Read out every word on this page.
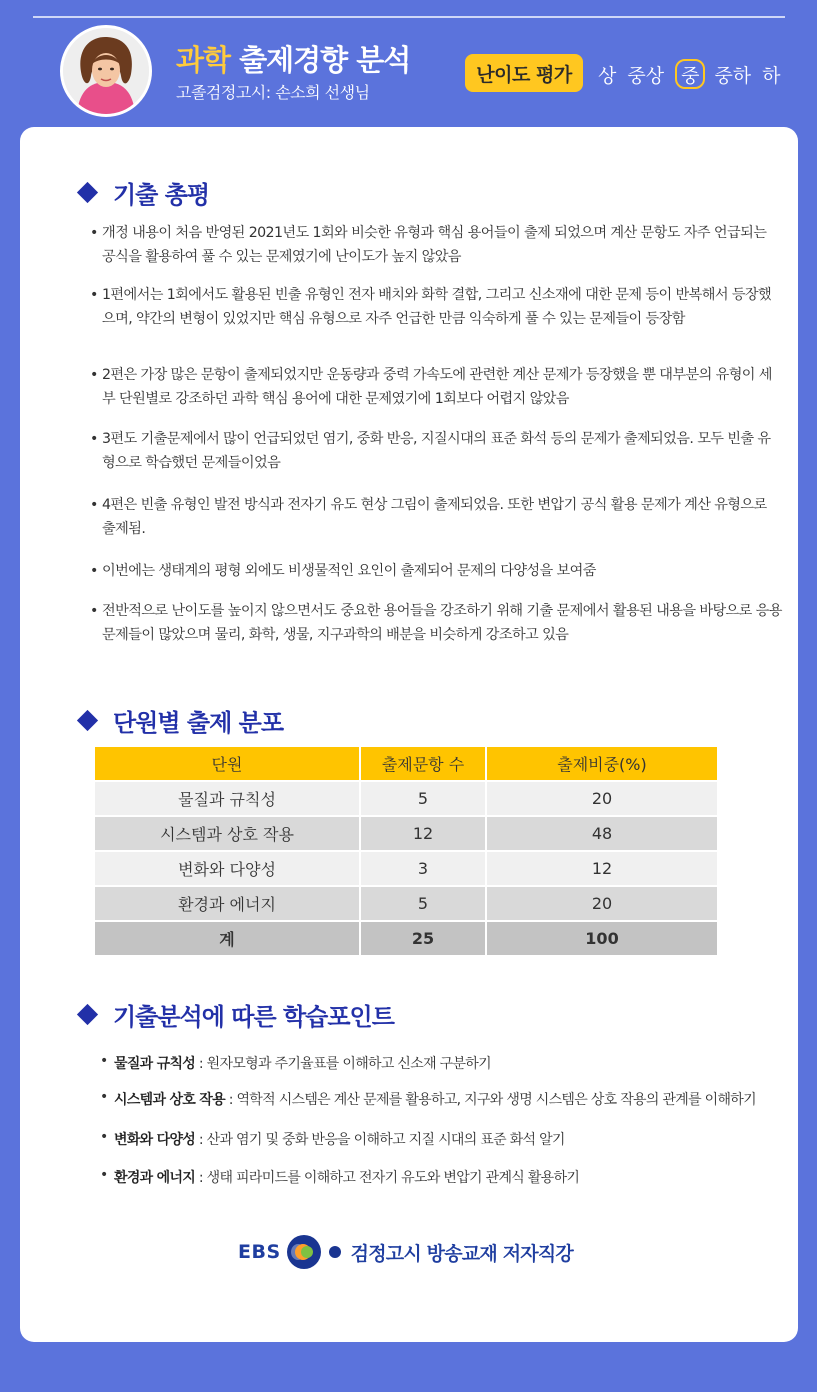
과학 출제경향 분석
고졸검정고시: 손소희 선생님
난이도 평가	상 중상 중 중하 하
기출 총평
• 개정 내용이 처음 반영된 2021년도 1회와 비슷한 유형과 핵심 용어들이 출제 되었으며 계산 문항도 자주 언급되는 공식을 활용하여 풀 수 있는 문제였기에 난이도가 높지 않았음
• 1편에서는 1회에서도 활용된 빈출 유형인 전자 배치와 화학 결합, 그리고 신소재에 대한 문제 등이 반복해서 등장했으며, 약간의 변형이 있었지만 핵심 유형으로 자주 언급한 만큼 익숙하게 풀 수 있는 문제들이 등장함
• 2편은 가장 많은 문항이 출제되었지만 운동량과 중력 가속도에 관련한 계산 문제가 등장했을 뿐 대부분의 유형이 세부 단원별로 강조하던 과학 핵심 용어에 대한 문제였기에 1회보다 어렵지 않았음
• 3편도 기출문제에서 많이 언급되었던 염기, 중화 반응, 지질시대의 표준 화석 등의 문제가 출제되었음. 모두 빈출 유형으로 학습했던 문제들이었음
• 4편은 빈출 유형인 발전 방식과 전자기 유도 현상 그림이 출제되었음. 또한 변압기 공식 활용 문제가 계산 유형으로 출제됨.
• 이번에는 생태계의 평형 외에도 비생물적인 요인이 출제되어 문제의 다양성을 보여줌
• 전반적으로 난이도를 높이지 않으면서도 중요한 용어들을 강조하기 위해 기출 문제에서 활용된 내용을 바탕으로 응용문제들이 많았으며 물리, 화학, 생물, 지구과학의 배분을 비슷하게 강조하고 있음
단원별 출제 분포
단원	출제문항 수	출제비중(%)
물질과 규칙성	5	20
시스템과 상호 작용	12	48
변화와 다양성	3	12
환경과 에너지	5	20
계	25	100
기출분석에 따른 학습포인트
• 물질과 규칙성 : 원자모형과 주기율표를 이해하고 신소재 구분하기
• 시스템과 상호 작용 : 역학적 시스템은 계산 문제를 활용하고, 지구와 생명 시스템은 상호 작용의 관계를 이해하기
• 변화와 다양성 : 산과 염기 및 중화 반응을 이해하고 지질 시대의 표준 화석 알기
• 환경과 에너지 : 생태 피라미드를 이해하고 전자기 유도와 변압기 관계식 활용하기
EBS	검정고시 방송교재 저자직강
